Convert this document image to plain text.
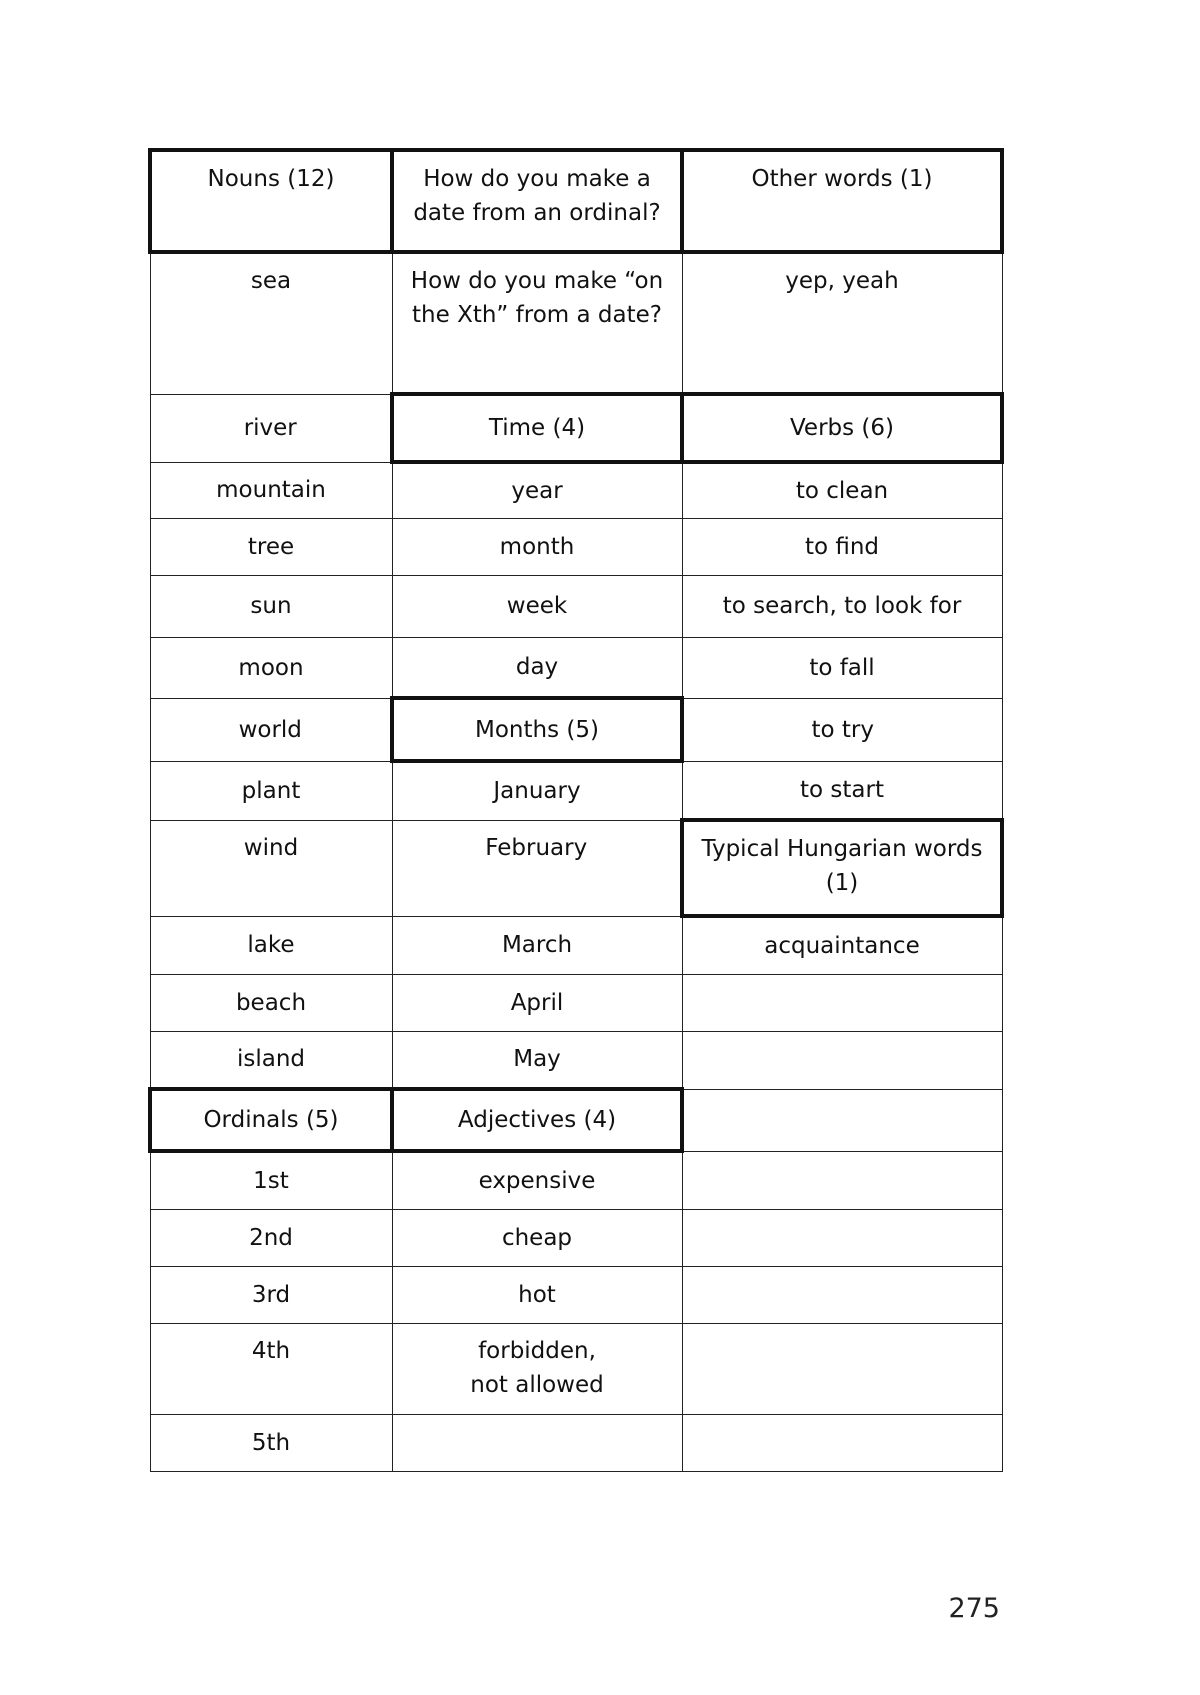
Nouns (12)	How do you make a date from an ordinal?	Other words (1)
sea	How do you make “on the Xth” from a date?	yep, yeah
river	Time (4)	Verbs (6)
mountain	year	to clean
tree	month	to find
sun	week	to search, to look for
moon	day	to fall
world	Months (5)	to try
plant	January	to start
wind	February	Typical Hungarian words (1)
lake	March	acquaintance
beach	April	
island	May	
Ordinals (5)	Adjectives (4)	
1st	expensive	
2nd	cheap	
3rd	hot	
4th	forbidden,
not allowed	
5th		
275
